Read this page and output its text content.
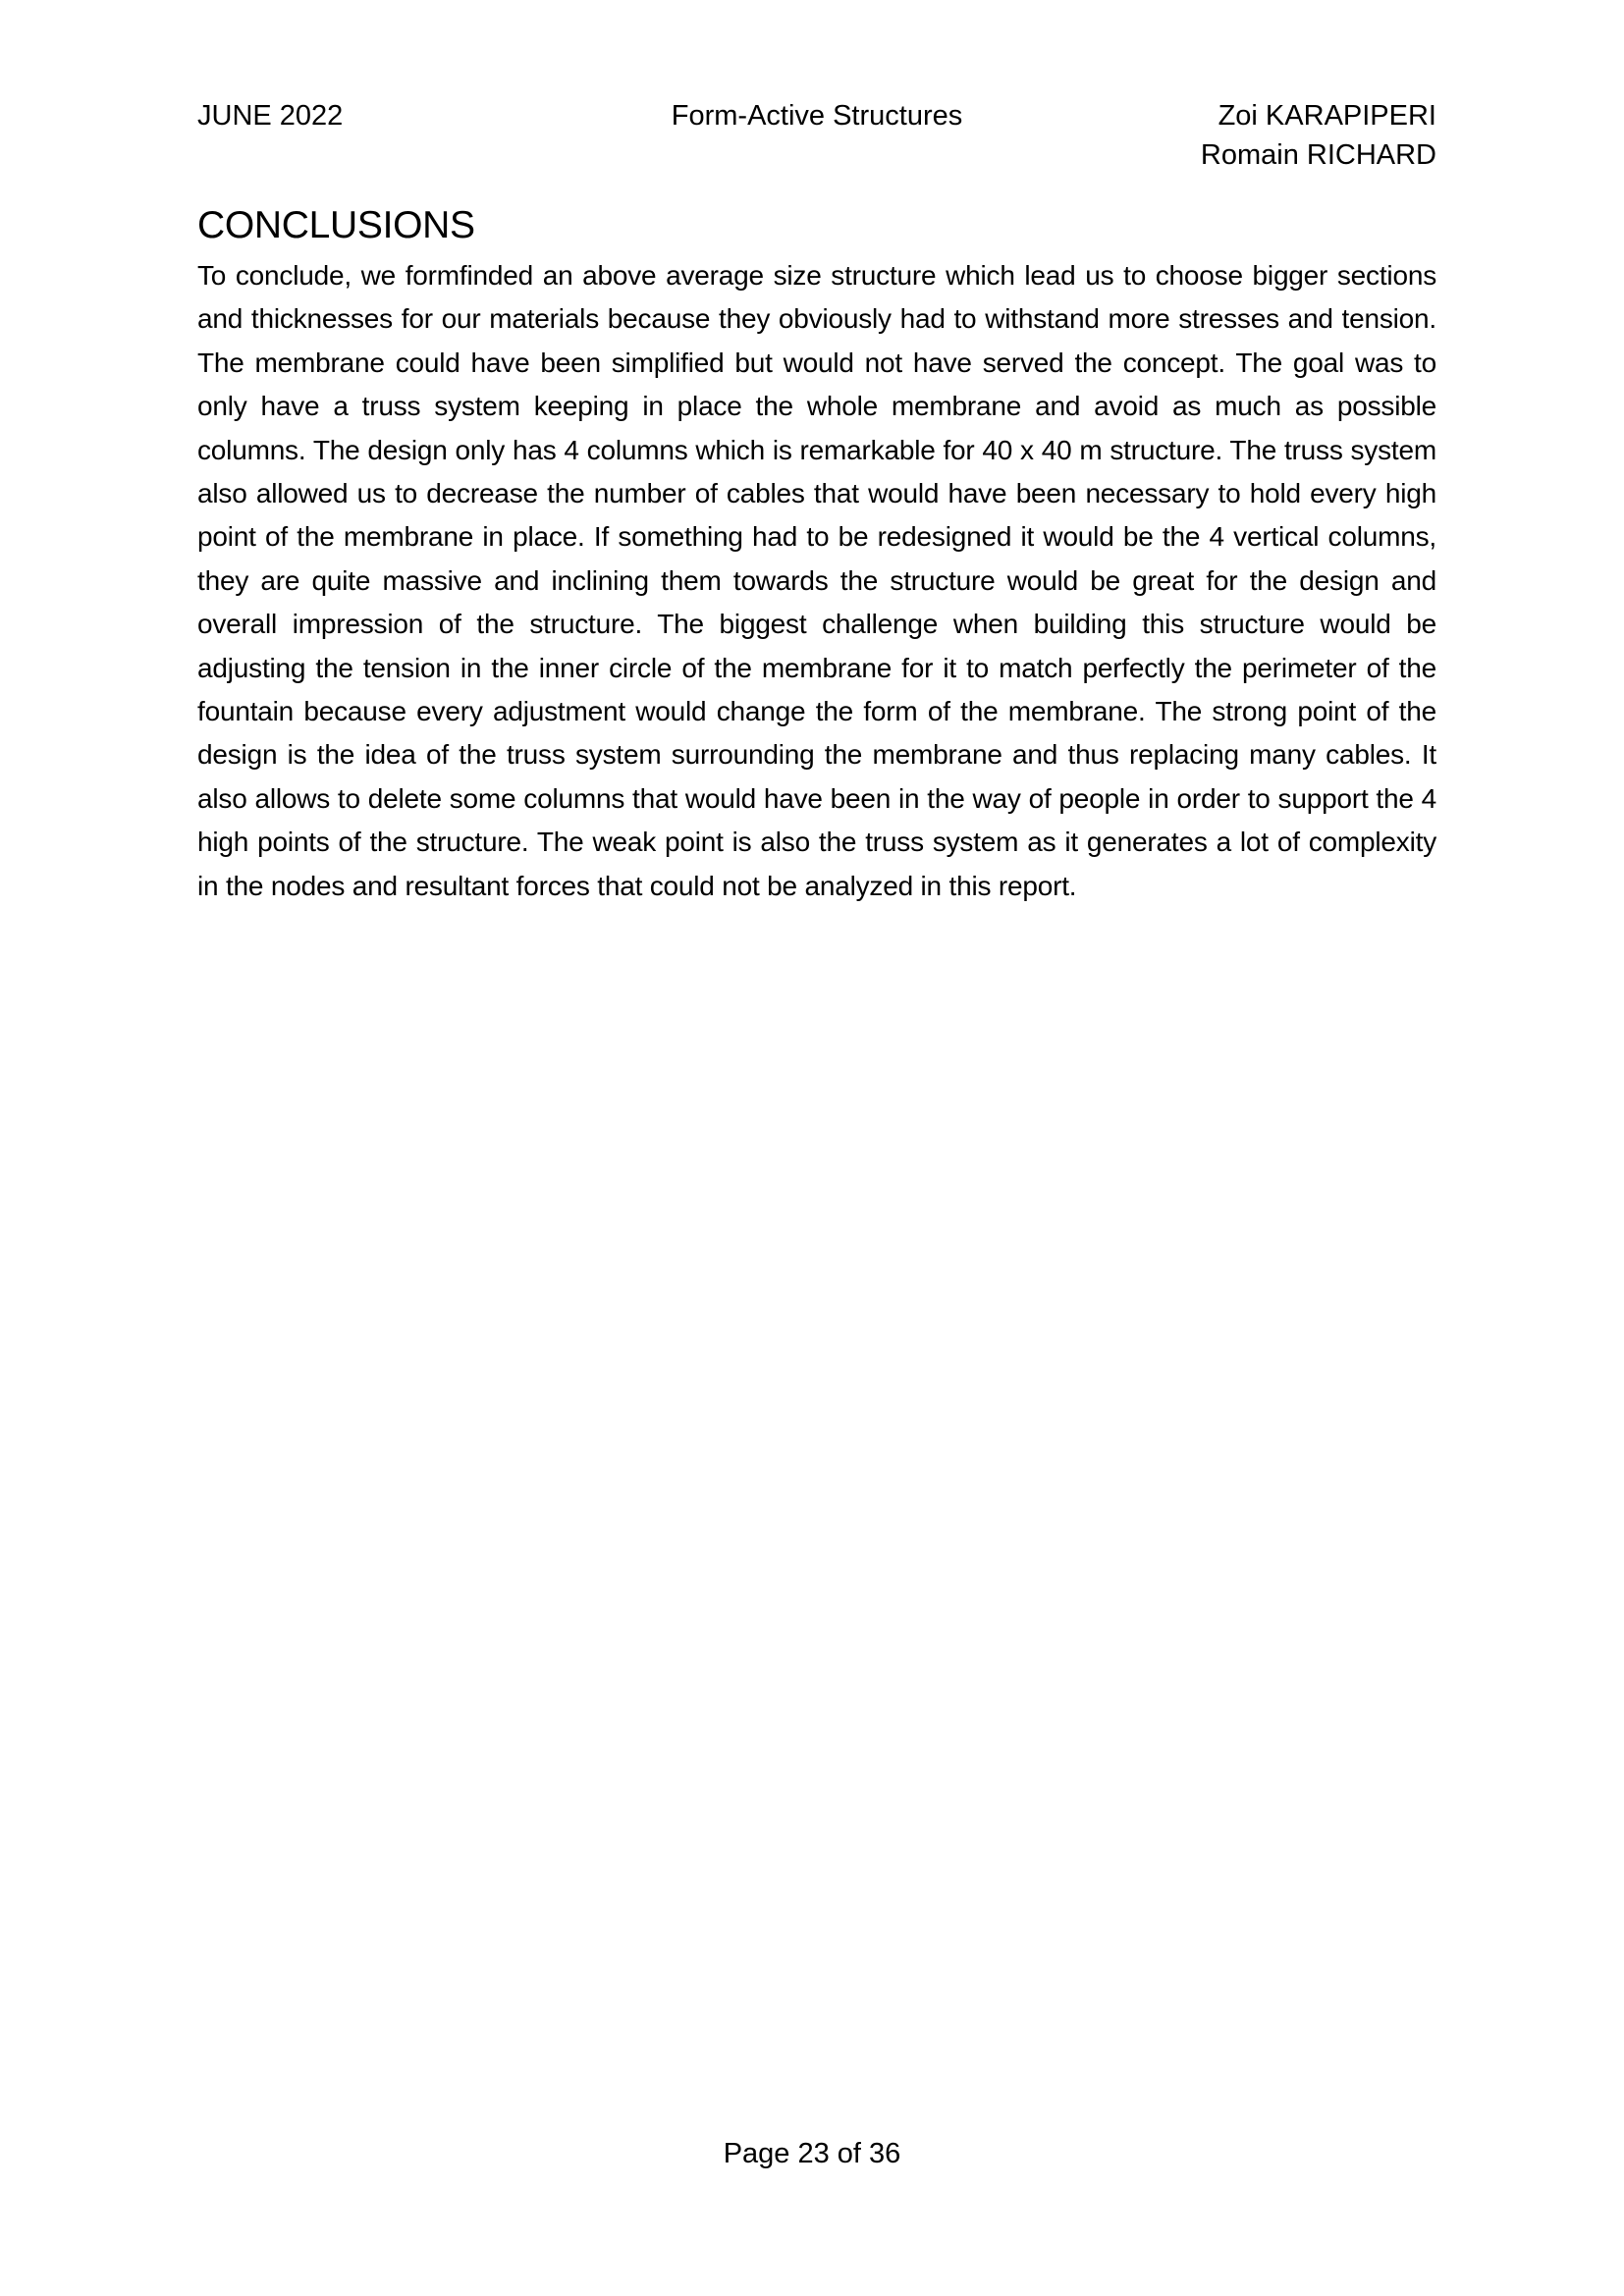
JUNE 2022	Form-Active Structures	Zoi KARAPIPERI
Romain RICHARD
CONCLUSIONS

To conclude, we formfinded an above average size structure which lead us to choose bigger sections and thicknesses for our materials because they obviously had to withstand more stresses and tension. The membrane could have been simplified but would not have served the concept. The goal was to only have a truss system keeping in place the whole membrane and avoid as much as possible columns. The design only has 4 columns which is remarkable for 40 x 40 m structure. The truss system also allowed us to decrease the number of cables that would have been necessary to hold every high point of the membrane in place. If something had to be redesigned it would be the 4 vertical columns, they are quite massive and inclining them towards the structure would be great for the design and overall impression of the structure. The biggest challenge when building this structure would be adjusting the tension in the inner circle of the membrane for it to match perfectly the perimeter of the fountain because every adjustment would change the form of the membrane. The strong point of the design is the idea of the truss system surrounding the membrane and thus replacing many cables. It also allows to delete some columns that would have been in the way of people in order to support the 4 high points of the structure. The weak point is also the truss system as it generates a lot of complexity in the nodes and resultant forces that could not be analyzed in this report.

Page 23 of 36
